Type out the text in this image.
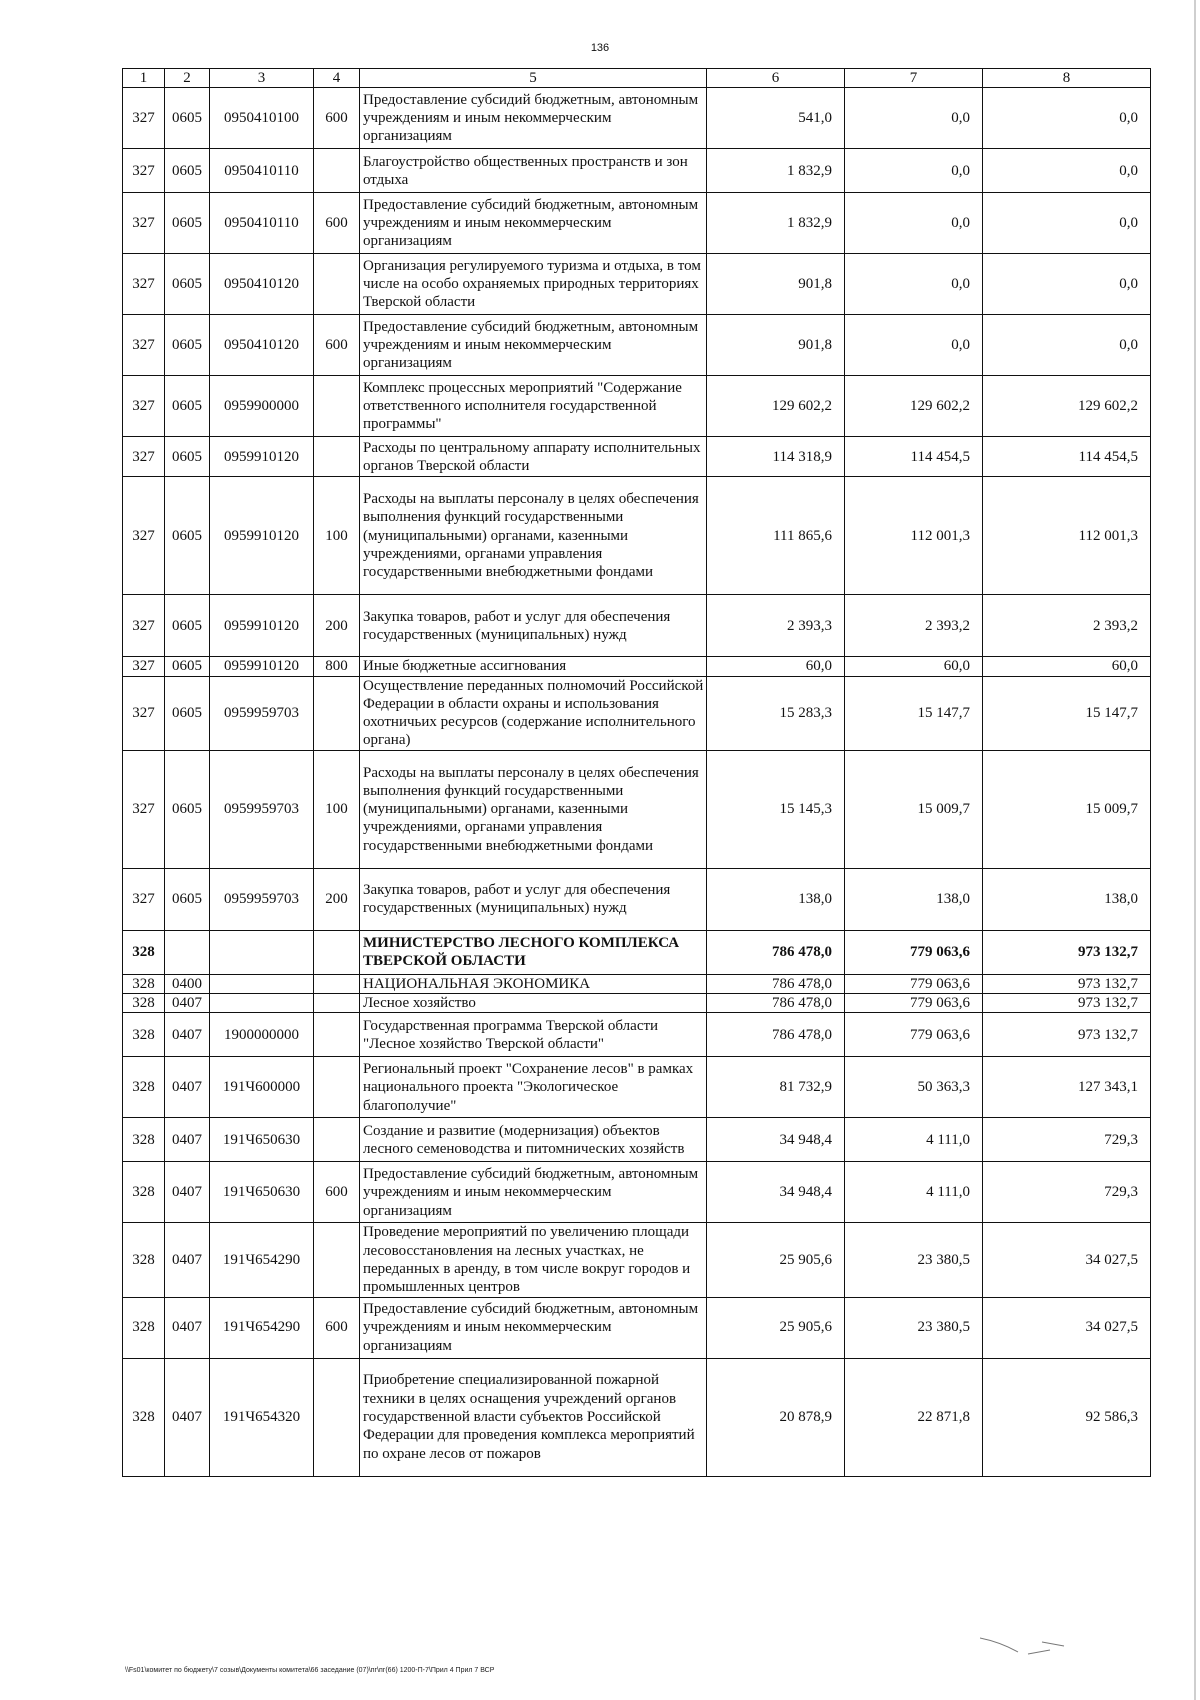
136
1	2	3	4	5	6	7	8
327	0605	0950410100	600	Предоставление субсидий бюджетным, автономным учреждениям и иным некоммерческим организациям	541,0	0,0	0,0
327	0605	0950410110		Благоустройство общественных пространств и зон отдыха	1 832,9	0,0	0,0
327	0605	0950410110	600	Предоставление субсидий бюджетным, автономным учреждениям и иным некоммерческим организациям	1 832,9	0,0	0,0
327	0605	0950410120		Организация регулируемого туризма и отдыха, в том числе на особо охраняемых природных территориях Тверской области	901,8	0,0	0,0
327	0605	0950410120	600	Предоставление субсидий бюджетным, автономным учреждениям и иным некоммерческим организациям	901,8	0,0	0,0
327	0605	0959900000		Комплекс процессных мероприятий "Содержание ответственного исполнителя государственной программы"	129 602,2	129 602,2	129 602,2
327	0605	0959910120		Расходы по центральному аппарату исполнительных органов Тверской области	114 318,9	114 454,5	114 454,5
327	0605	0959910120	100	Расходы на выплаты персоналу в целях обеспечения выполнения функций государственными (муниципальными) органами, казенными учреждениями, органами управления государственными внебюджетными фондами	111 865,6	112 001,3	112 001,3
327	0605	0959910120	200	Закупка товаров, работ и услуг для обеспечения государственных (муниципальных) нужд	2 393,3	2 393,2	2 393,2
327	0605	0959910120	800	Иные бюджетные ассигнования	60,0	60,0	60,0
327	0605	0959959703		Осуществление переданных полномочий Российской Федерации в области охраны и использования охотничьих ресурсов (содержание исполнительного органа)	15 283,3	15 147,7	15 147,7
327	0605	0959959703	100	Расходы на выплаты персоналу в целях обеспечения выполнения функций государственными (муниципальными) органами, казенными учреждениями, органами управления государственными внебюджетными фондами	15 145,3	15 009,7	15 009,7
327	0605	0959959703	200	Закупка товаров, работ и услуг для обеспечения государственных (муниципальных) нужд	138,0	138,0	138,0
328				МИНИСТЕРСТВО ЛЕСНОГО КОМПЛЕКСА ТВЕРСКОЙ ОБЛАСТИ	786 478,0	779 063,6	973 132,7
328	0400			НАЦИОНАЛЬНАЯ ЭКОНОМИКА	786 478,0	779 063,6	973 132,7
328	0407			Лесное хозяйство	786 478,0	779 063,6	973 132,7
328	0407	1900000000		Государственная программа Тверской области "Лесное хозяйство Тверской области"	786 478,0	779 063,6	973 132,7
328	0407	191Ч600000		Региональный проект "Сохранение лесов" в рамках национального проекта "Экологическое благополучие"	81 732,9	50 363,3	127 343,1
328	0407	191Ч650630		Создание и развитие (модернизация) объектов лесного семеноводства и питомнических хозяйств	34 948,4	4 111,0	729,3
328	0407	191Ч650630	600	Предоставление субсидий бюджетным, автономным учреждениям и иным некоммерческим организациям	34 948,4	4 111,0	729,3
328	0407	191Ч654290		Проведение мероприятий по увеличению площади лесовосстановления на лесных участках, не переданных в аренду, в том числе вокруг городов и промышленных центров	25 905,6	23 380,5	34 027,5
328	0407	191Ч654290	600	Предоставление субсидий бюджетным, автономным учреждениям и иным некоммерческим организациям	25 905,6	23 380,5	34 027,5
328	0407	191Ч654320		Приобретение специализированной пожарной техники в целях оснащения учреждений органов государственной власти субъектов Российской Федерации для проведения комплекса мероприятий по охране лесов от пожаров	20 878,9	22 871,8	92 586,3
\\Fs01\комитет по бюджету\7 созыв\Документы комитета\66 заседание (07)\пг\пг(66) 1200-П-7\Прил 4 Прил 7 ВСР
